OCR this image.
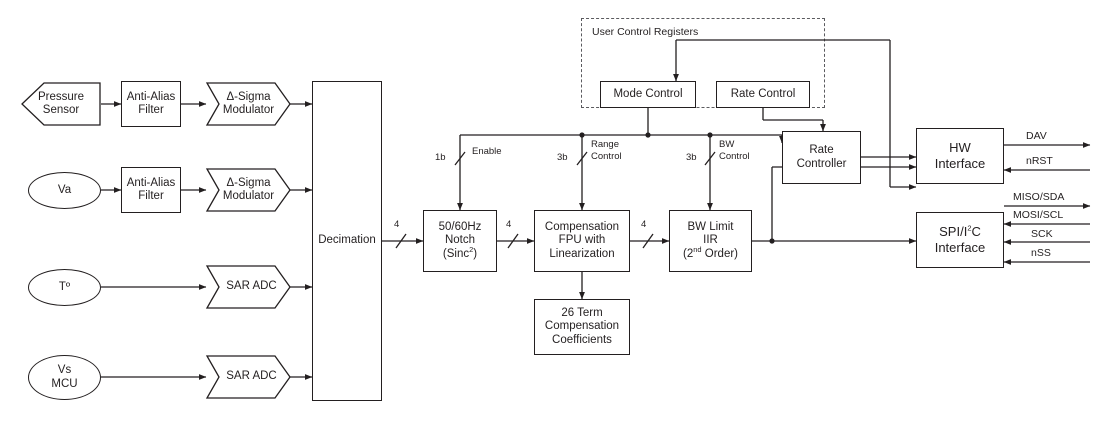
Pressure
Sensor
Δ-Sigma
Modulator
Δ-Sigma
Modulator
SAR ADC
SAR ADC
Va
Tº
Vs
MCU
Anti-Alias
Filter
Anti-Alias
Filter
Decimation
50/60Hz
Notch
(Sinc$^2$)
Compensation
FPU with
Linearization
BW Limit
IIR
(2nd Order)
26 Term
Compensation
Coefficients
User Control Registers
Mode Control	Rate Control
Rate
Controller
HW
Interface
SPI/$I^2C$
Interface
1b
Enable
3b
Range
Control	3b
BW
Control
4	4	4
DAV
nRST
MISO/SDA
MOSI/SCL
SCK
nSS
